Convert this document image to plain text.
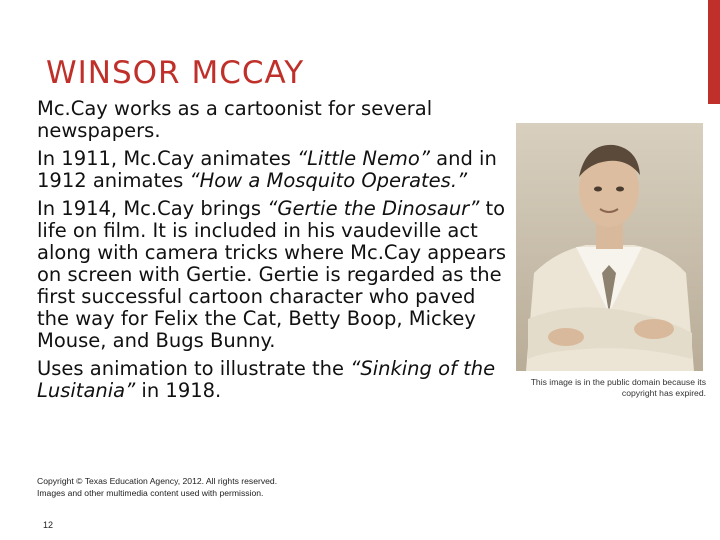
WINSOR MCCAY

Mc.Cay works as a cartoonist for several newspapers.

In 1911, Mc.Cay animates “Little Nemo” and in 1912 animates “How a Mosquito Operates.”

In 1914, Mc.Cay brings “Gertie the Dinosaur” to life on film. It is included in his vaudeville act along with camera tricks where Mc.Cay appears on screen with Gertie. Gertie is regarded as the first successful cartoon character who paved the way for Felix the Cat, Betty Boop, Mickey Mouse, and Bugs Bunny.

Uses animation to illustrate the “Sinking of the Lusitania” in 1918.	This image is in the public domain because its copyright has expired.
Copyright © Texas Education Agency, 2012. All rights reserved. Images and other multimedia content used with permission.
12
